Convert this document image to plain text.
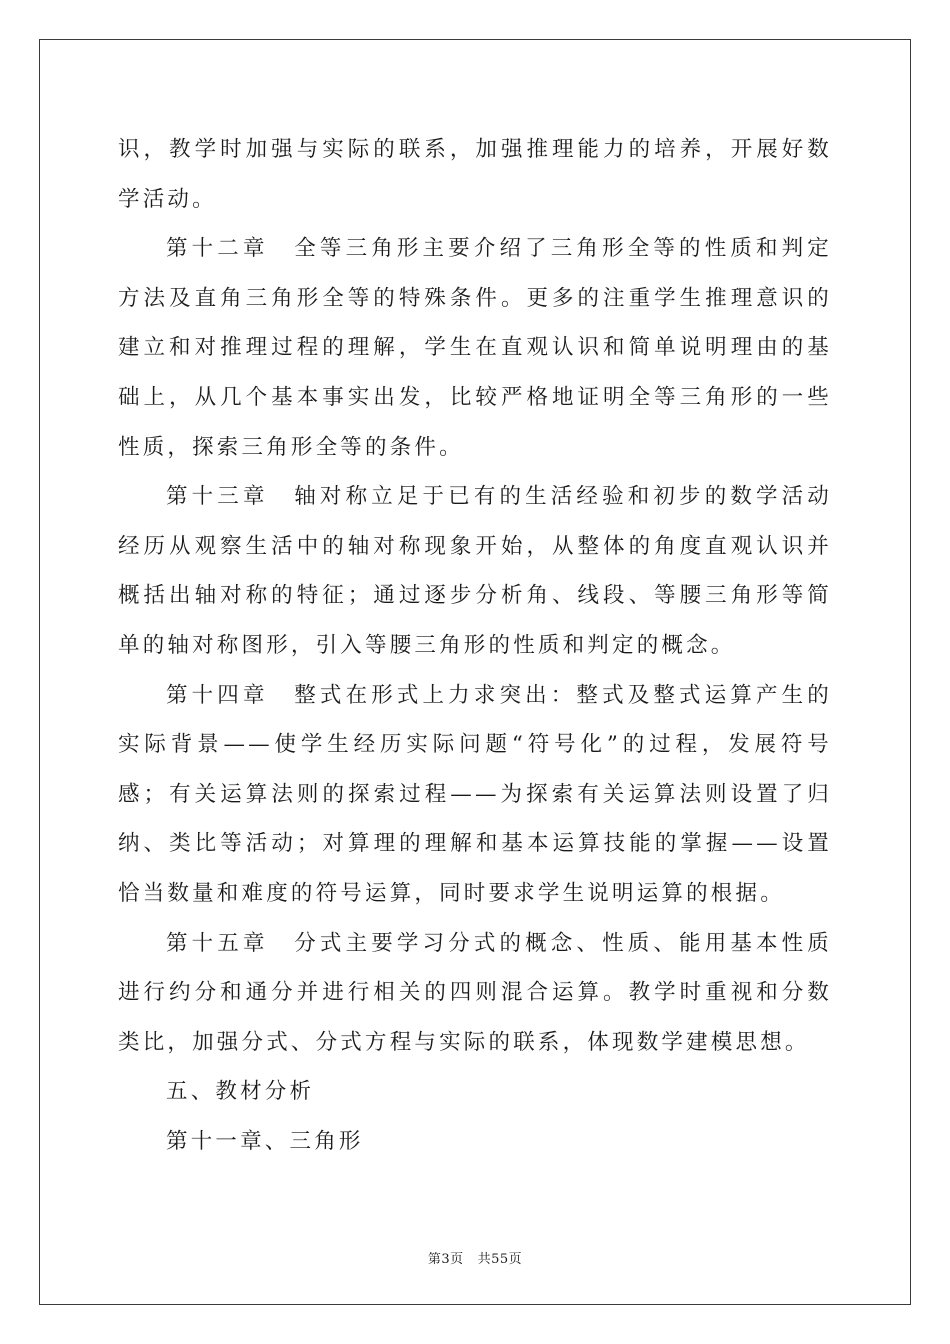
识，教学时加强与实际的联系，加强推理能力的培养，开展好数学活动。

第十二章　全等三角形主要介绍了三角形全等的性质和判定方法及直角三角形全等的特殊条件。更多的注重学生推理意识的建立和对推理过程的理解，学生在直观认识和简单说明理由的基础上，从几个基本事实出发，比较严格地证明全等三角形的一些性质，探索三角形全等的条件。

第十三章　轴对称立足于已有的生活经验和初步的数学活动经历从观察生活中的轴对称现象开始，从整体的角度直观认识并概括出轴对称的特征；通过逐步分析角、线段、等腰三角形等简单的轴对称图形，引入等腰三角形的性质和判定的概念。

第十四章　整式在形式上力求突出：整式及整式运算产生的实际背景——使学生经历实际问题“符号化”的过程，发展符号感；有关运算法则的探索过程——为探索有关运算法则设置了归纳、类比等活动；对算理的理解和基本运算技能的掌握——设置恰当数量和难度的符号运算，同时要求学生说明运算的根据。

第十五章　分式主要学习分式的概念、性质、能用基本性质进行约分和通分并进行相关的四则混合运算。教学时重视和分数类比，加强分式、分式方程与实际的联系，体现数学建模思想。

五、教材分析

第十一章、三角形

第3页 共55页
